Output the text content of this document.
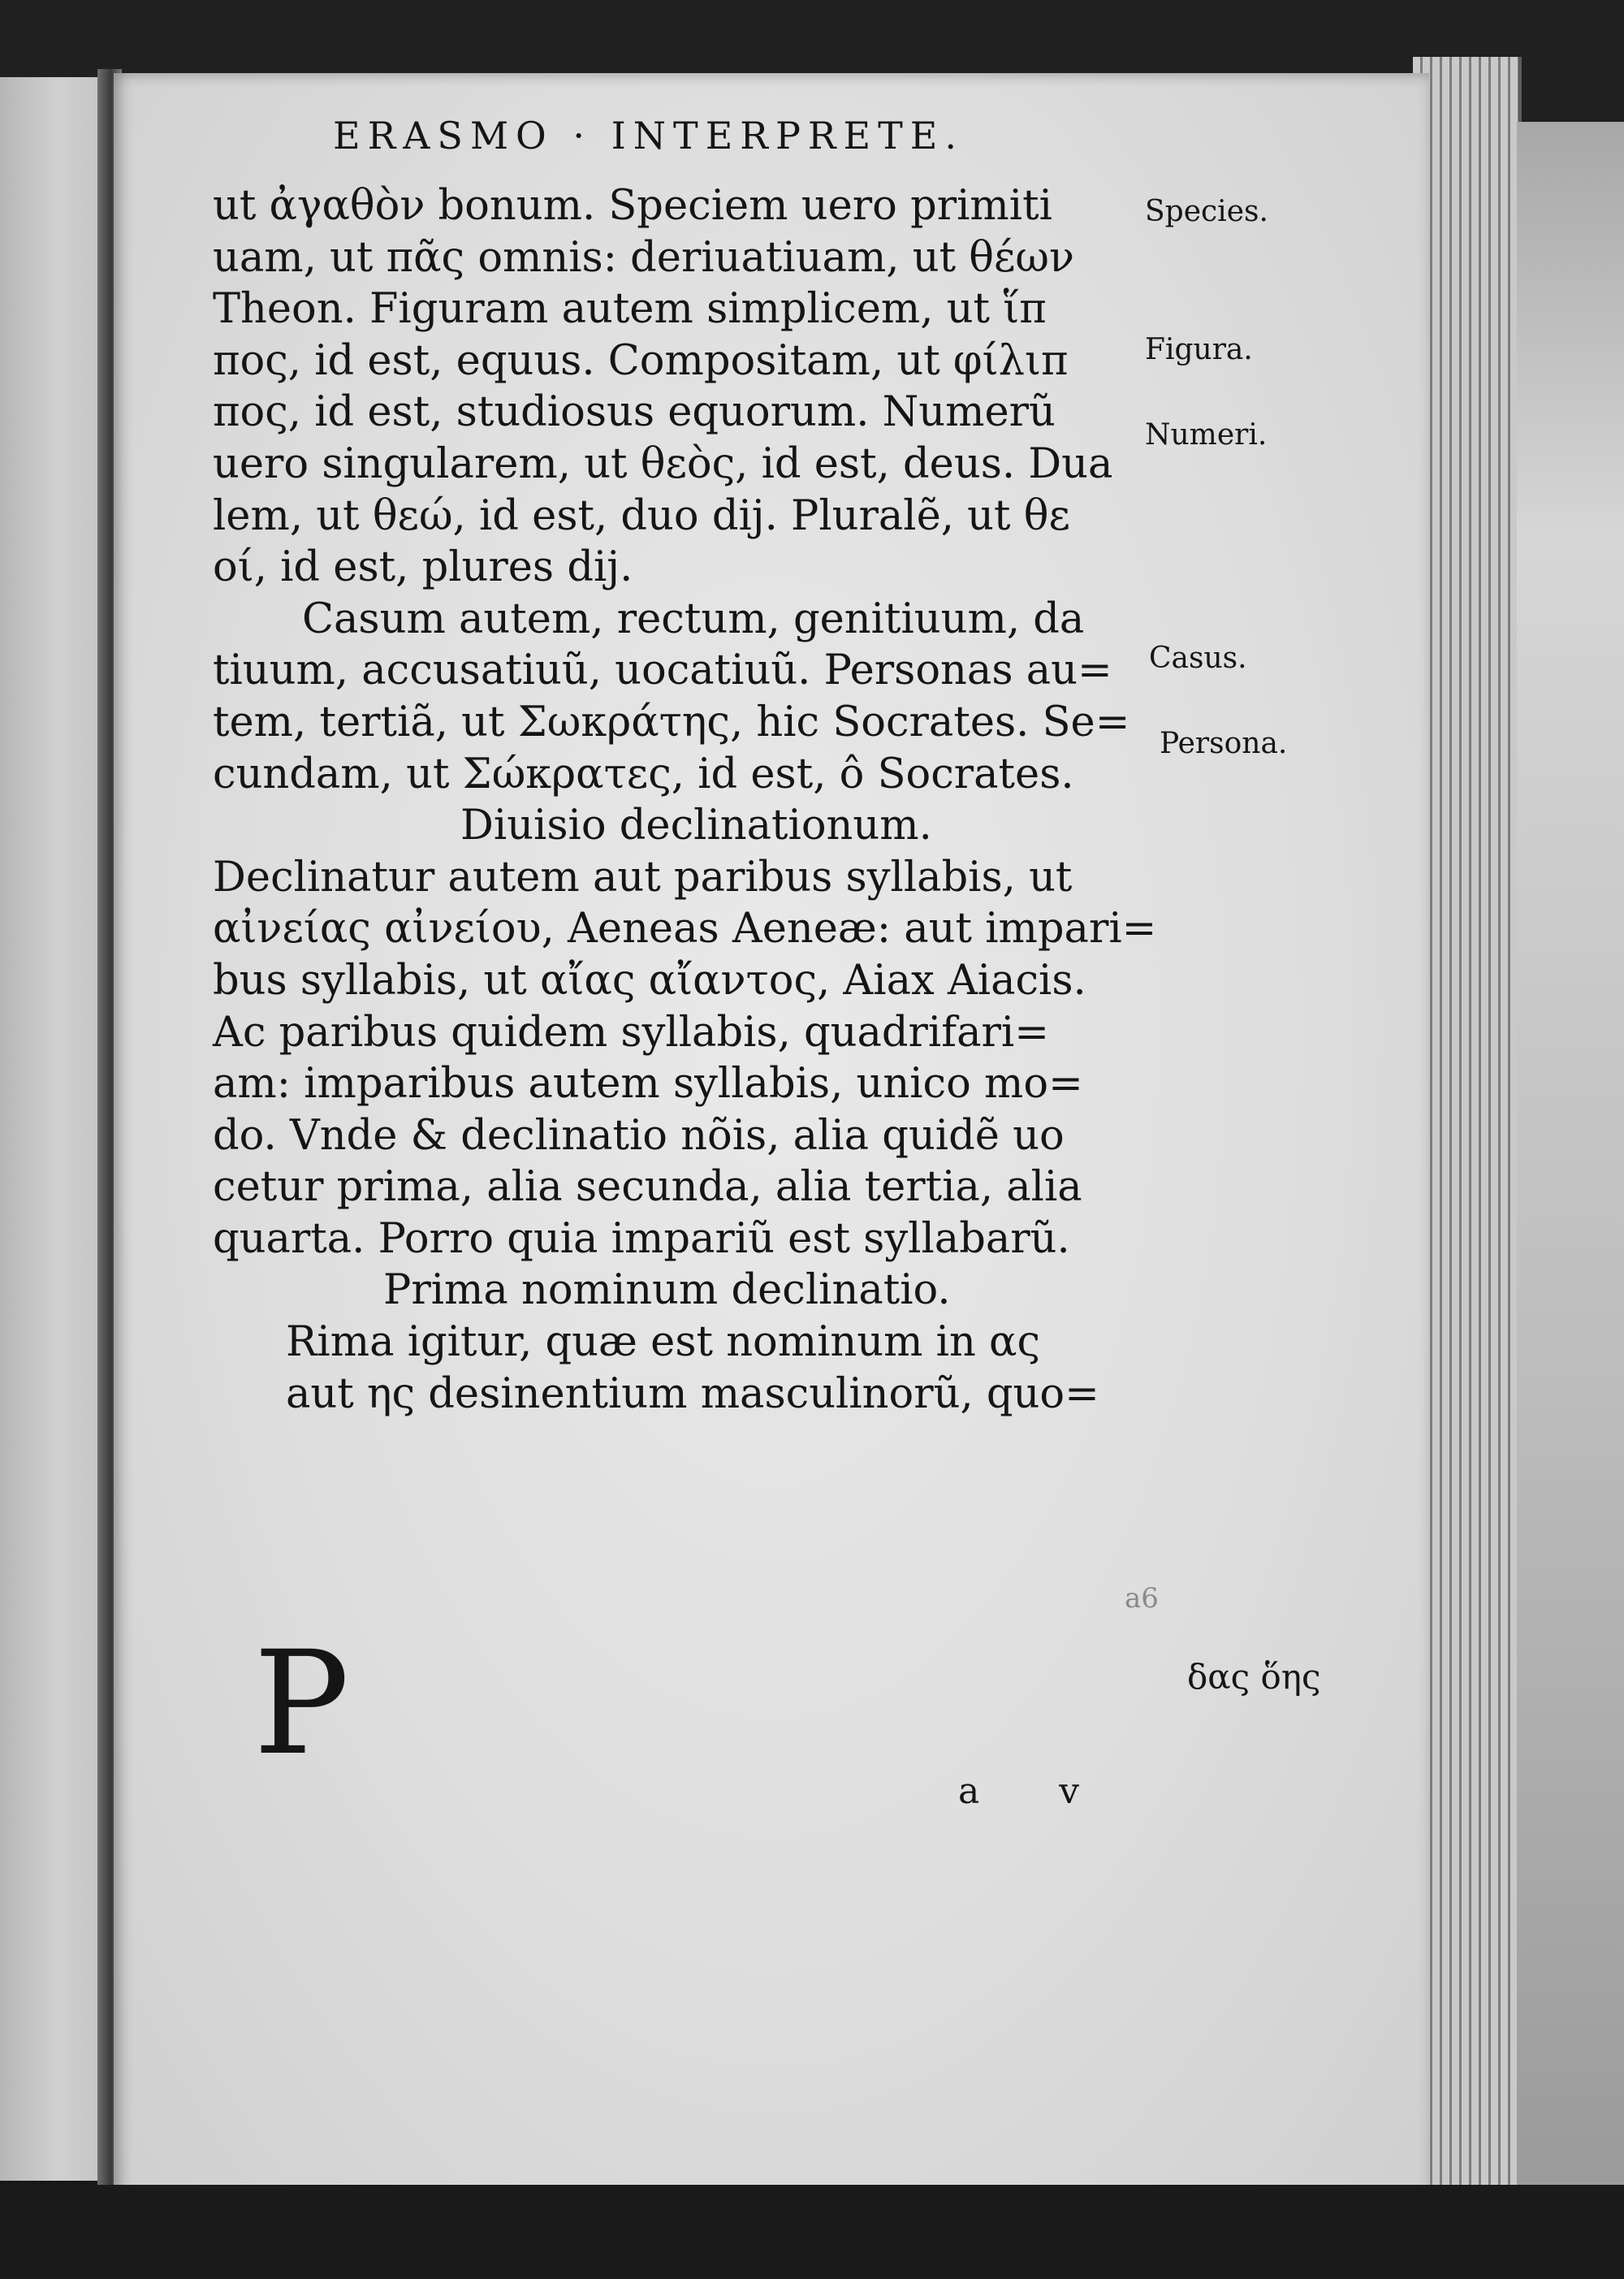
ERASMO · INTERPRETE.
ut ἀγαθὸν bonum. Speciem uero primiti
uam, ut πᾶς omnis: deriuatiuam, ut θέων
Theon. Figuram autem simplicem, ut ἵπ
πος, id est, equus. Compositam, ut φίλιπ
πος, id est, studiosus equorum. Numerũ
uero singularem, ut θεὸς, id est, deus. Dua
lem, ut θεώ, id est, duo dij. Pluralẽ, ut θε
οί, id est, plures dij.
Casum autem, rectum, genitiuum, da
tiuum, accusatiuũ, uocatiuũ. Personas au=
tem, tertiã, ut Σωκράτης, hic Socrates. Se=
cundam, ut Σώκρατες, id est, ô Socrates.
Diuisio declinationum.
Declinatur autem aut paribus syllabis, ut
αἰνείας αἰνείου, Aeneas Aeneæ: aut impari=
bus syllabis, ut αἴας αἴαντος, Aiax Aiacis.
Ac paribus quidem syllabis, quadrifari=
am: imparibus autem syllabis, unico mo=
do. Vnde & declinatio nõis, alia quidẽ uo
cetur prima, alia secunda, alia tertia, alia
quarta. Porro quia impariũ est syllabarũ.
Prima nominum declinatio.
Rima igitur, quæ est nominum in ας
aut ης desinentium masculinorũ, quo=
P
Species.
Figura.
Numeri.
Casus.
Persona.
δας ὅης
a6
a v
